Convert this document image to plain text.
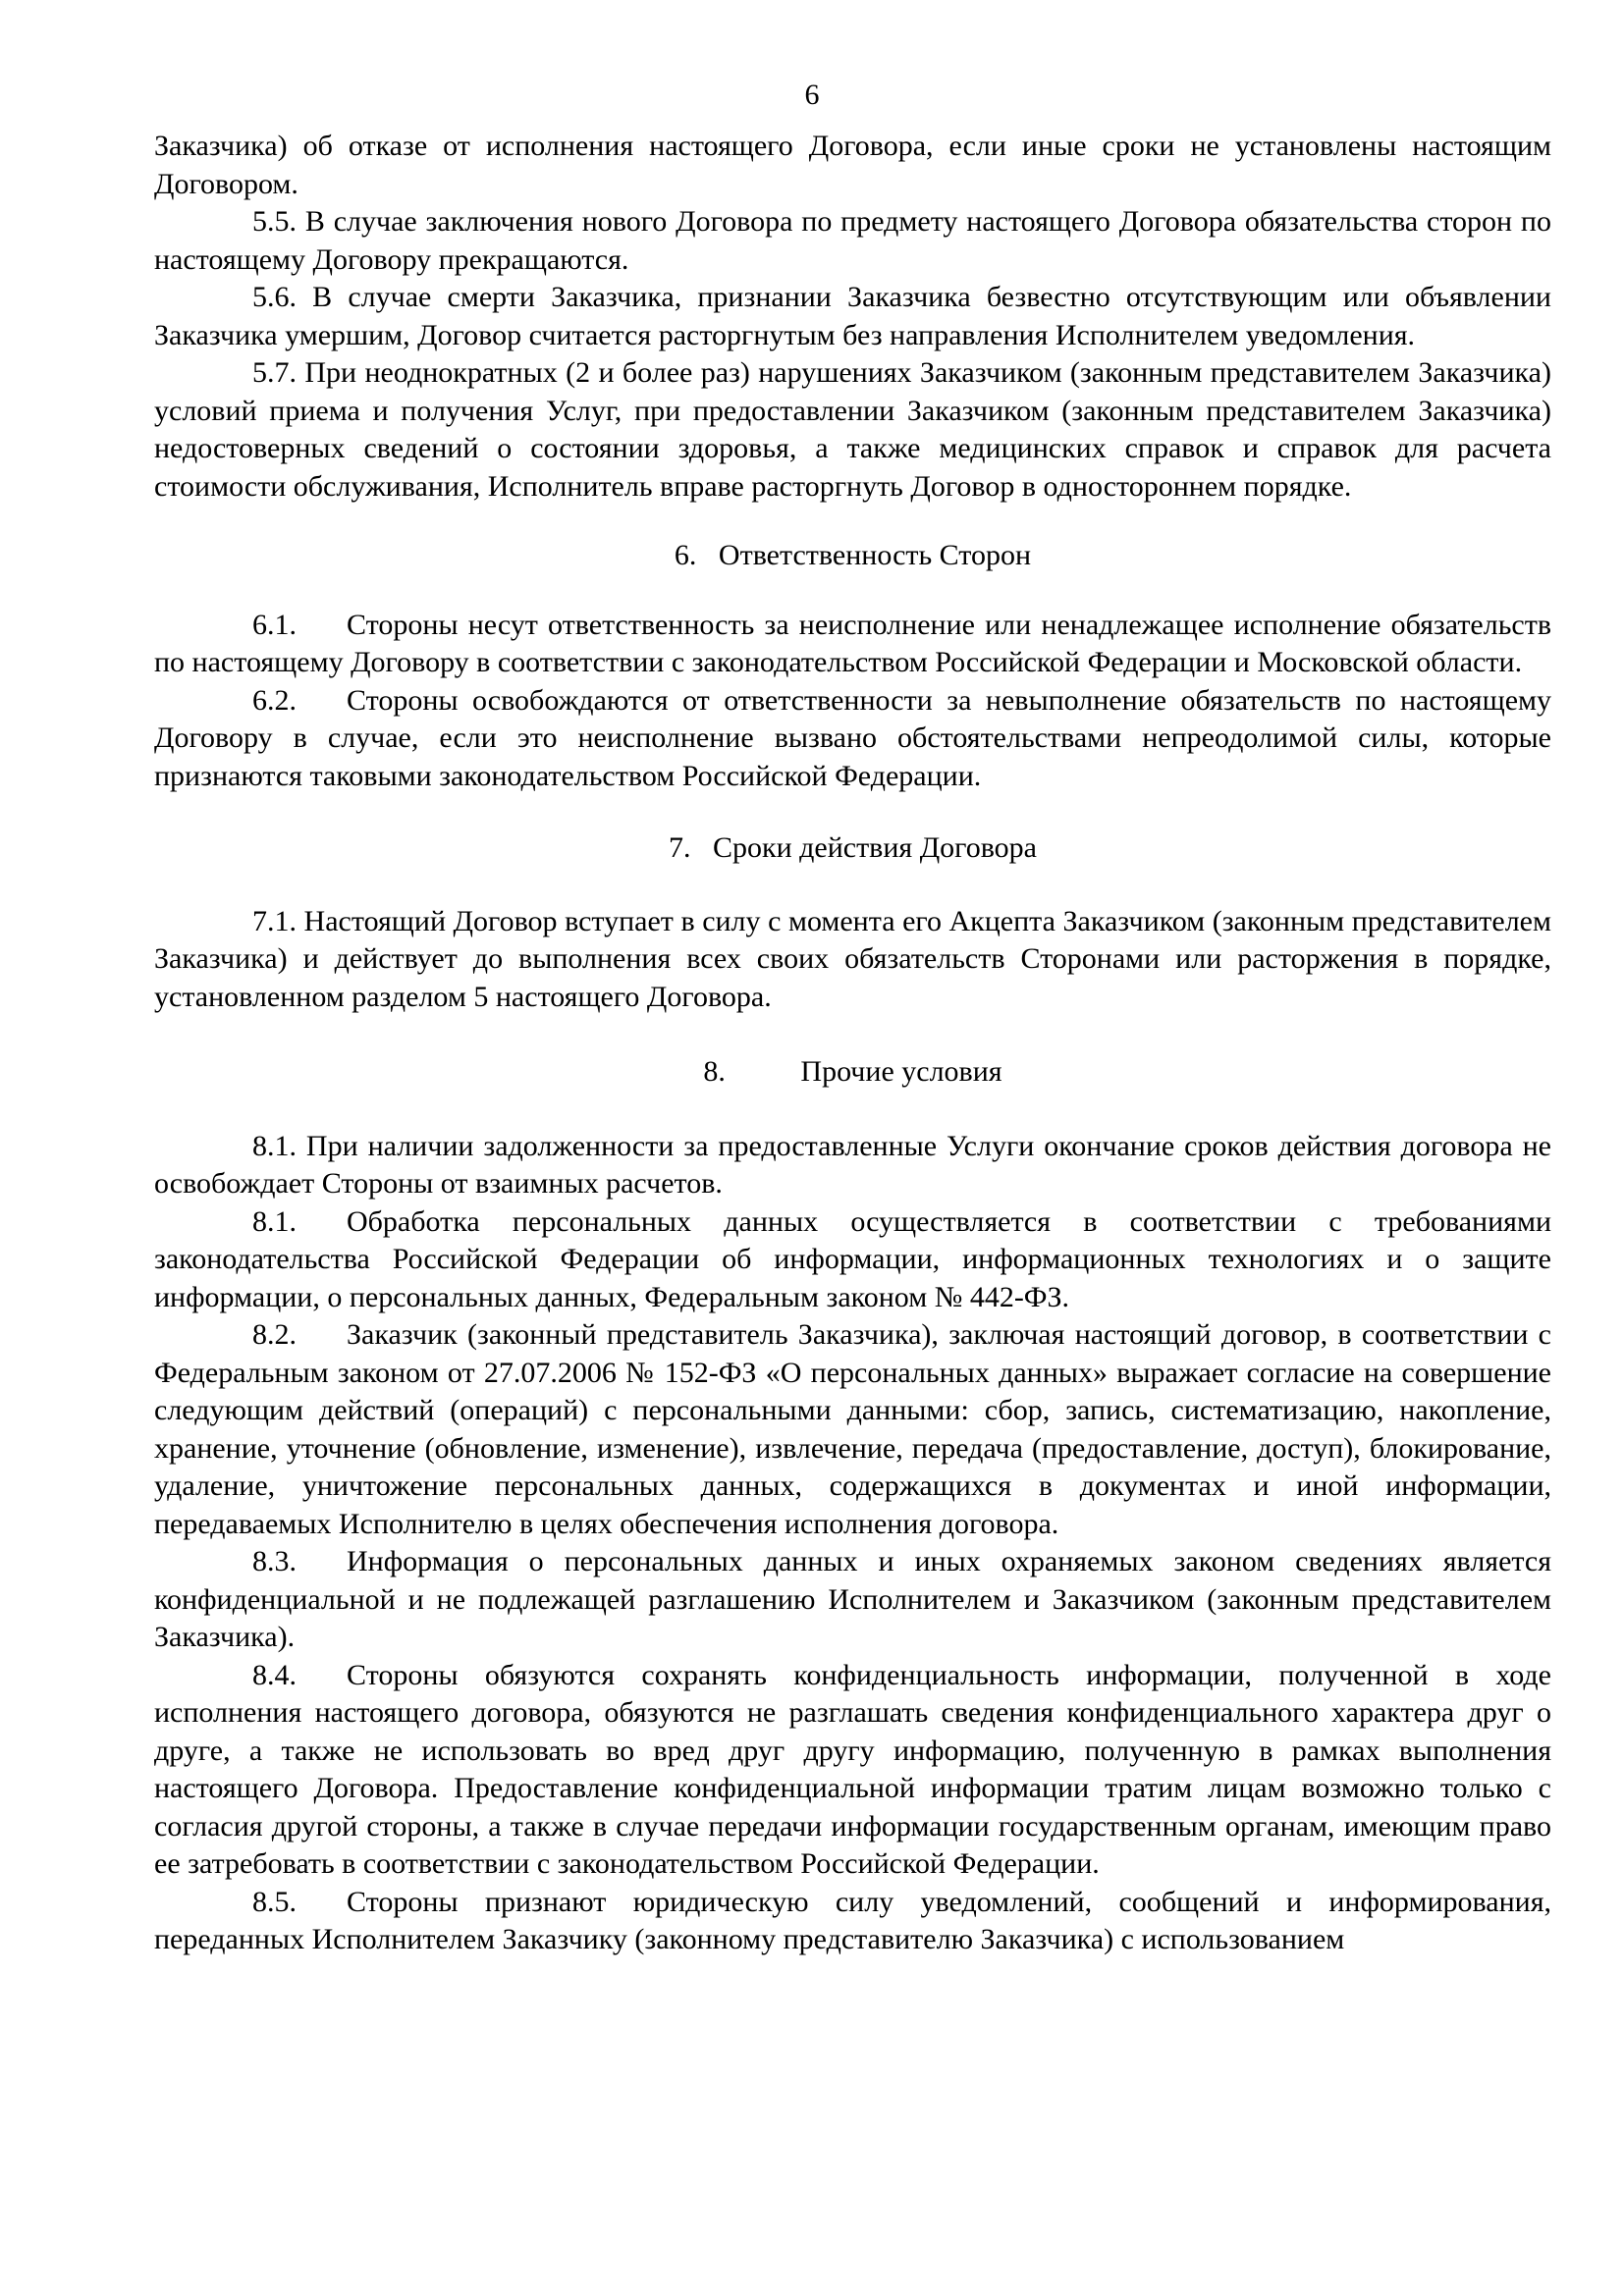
6

Заказчика) об отказе от исполнения настоящего Договора, если иные сроки не установлены настоящим Договором.

5.5. В случае заключения нового Договора по предмету настоящего Договора обязательства сторон по настоящему Договору прекращаются.

5.6. В случае смерти Заказчика, признании Заказчика безвестно отсутствующим или объявлении Заказчика умершим, Договор считается расторгнутым без направления Исполнителем уведомления.

5.7. При неоднократных (2 и более раз) нарушениях Заказчиком (законным представителем Заказчика) условий приема и получения Услуг, при предоставлении Заказчиком (законным представителем Заказчика) недостоверных сведений о состоянии здоровья, а также медицинских справок и справок для расчета стоимости обслуживания, Исполнитель вправе расторгнуть Договор в одностороннем порядке.

6.   Ответственность Сторон

6.1. Стороны несут ответственность за неисполнение или ненадлежащее исполнение обязательств по настоящему Договору в соответствии с законодательством Российской Федерации и Московской области.

6.2. Стороны освобождаются от ответственности за невыполнение обязательств по настоящему Договору в случае, если это неисполнение вызвано обстоятельствами непреодолимой силы, которые признаются таковыми законодательством Российской Федерации.

7.   Сроки действия Договора

7.1. Настоящий Договор вступает в силу с момента его Акцепта Заказчиком (законным представителем Заказчика) и действует до выполнения всех своих обязательств Сторонами или расторжения в порядке, установленном разделом 5 настоящего Договора.

8.	Прочие условия

8.1. При наличии задолженности за предоставленные Услуги окончание сроков действия договора не освобождает Стороны от взаимных расчетов.

8.1. Обработка персональных данных осуществляется в соответствии с требованиями законодательства Российской Федерации об информации, информационных технологиях и о защите информации, о персональных данных, Федеральным законом № 442-ФЗ.

8.2. Заказчик (законный представитель Заказчика), заключая настоящий договор, в соответствии с Федеральным законом от 27.07.2006 № 152-ФЗ «О персональных данных» выражает согласие на совершение следующим действий (операций) с персональными данными: сбор, запись, систематизацию, накопление, хранение, уточнение (обновление, изменение), извлечение, передача (предоставление, доступ), блокирование, удаление, уничтожение персональных данных, содержащихся в документах и иной информации, передаваемых Исполнителю в целях обеспечения исполнения договора.

8.3. Информация о персональных данных и иных охраняемых законом сведениях является конфиденциальной и не подлежащей разглашению Исполнителем и Заказчиком (законным представителем Заказчика).

8.4. Стороны обязуются сохранять конфиденциальность информации, полученной в ходе исполнения настоящего договора, обязуются не разглашать сведения конфиденциального характера друг о друге, а также не использовать во вред друг другу информацию, полученную в рамках выполнения настоящего Договора. Предоставление конфиденциальной информации тратим лицам возможно только с согласия другой стороны, а также в случае передачи информации государственным органам, имеющим право ее затребовать в соответствии с законодательством Российской Федерации.

8.5. Стороны признают юридическую силу уведомлений, сообщений и информирования, переданных Исполнителем Заказчику (законному представителю Заказчика) с использованием
